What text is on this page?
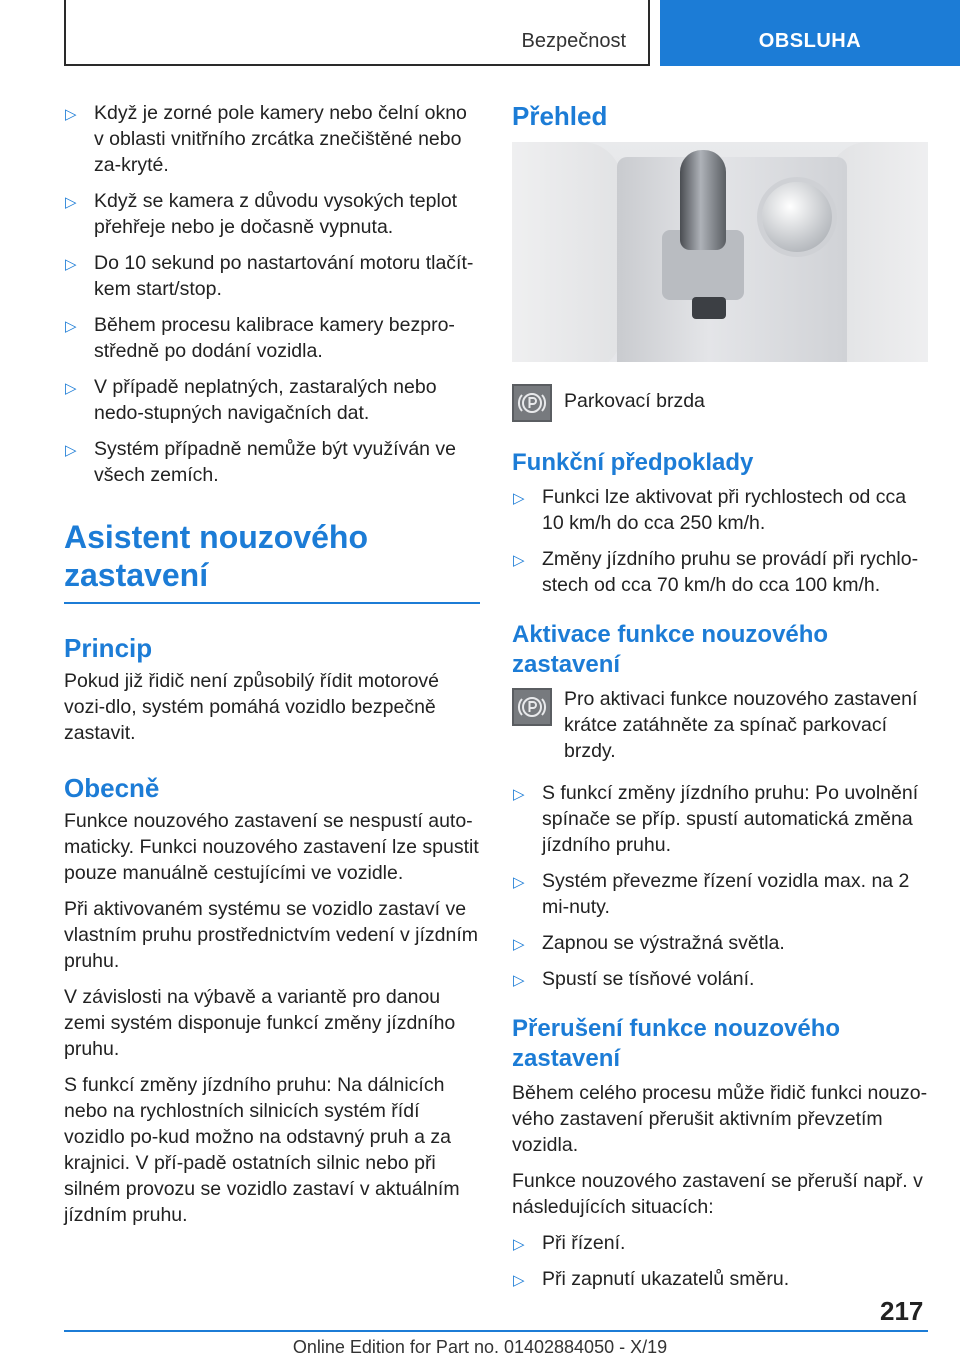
Bezpečnost	OBSLUHA
▷ Když je zorné pole kamery nebo čelní okno v oblasti vnitřního zrcátka znečištěné nebo za‐kryté.
▷ Když se kamera z důvodu vysokých teplot přehřeje nebo je dočasně vypnuta.
▷ Do 10 sekund po nastartování motoru tlačít‐kem start/stop.
▷ Během procesu kalibrace kamery bezpro‐středně po dodání vozidla.
▷ V případě neplatných, zastaralých nebo nedo‐stupných navigačních dat.
▷ Systém případně nemůže být využíván ve všech zemích.
Asistent nouzového zastavení
Princip

Pokud již řidič není způsobilý řídit motorové vozi‐dlo, systém pomáhá vozidlo bezpečně zastavit.

Obecně

Funkce nouzového zastavení se nespustí auto‐maticky. Funkci nouzového zastavení lze spustit pouze manuálně cestujícími ve vozidle.

Při aktivovaném systému se vozidlo zastaví ve vlastním pruhu prostřednictvím vedení v jízdním pruhu.

V závislosti na výbavě a variantě pro danou zemi systém disponuje funkcí změny jízdního pruhu.

S funkcí změny jízdního pruhu: Na dálnicích nebo na rychlostních silnicích systém řídí vozidlo po‐kud možno na odstavný pruh a za krajnici. V pří‐padě ostatních silnic nebo při silném provozu se vozidlo zastaví v aktuálním jízdním pruhu.

Přehled
Parkovací brzda
Funkční předpoklady
▷ Funkci lze aktivovat při rychlostech od cca 10 km/h do cca 250 km/h.
▷ Změny jízdního pruhu se provádí při rychlo‐stech od cca 70 km/h do cca 100 km/h.
Aktivace funkce nouzového zastavení
Pro aktivaci funkce nouzového zastavení krátce zatáhněte za spínač parkovací brzdy.
▷ S funkcí změny jízdního pruhu: Po uvolnění spínače se příp. spustí automatická změna jízdního pruhu.
▷ Systém převezme řízení vozidla max. na 2 mi‐nuty.
▷ Zapnou se výstražná světla.
▷ Spustí se tísňové volání.
Přerušení funkce nouzového zastavení

Během celého procesu může řidič funkci nouzo‐vého zastavení přerušit aktivním převzetím vozidla.

Funkce nouzového zastavení se přeruší např. v následujících situacích:

▷ Při řízení.
▷ Při zapnutí ukazatelů směru.
217
Online Edition for Part no. 01402884050 - X/19
